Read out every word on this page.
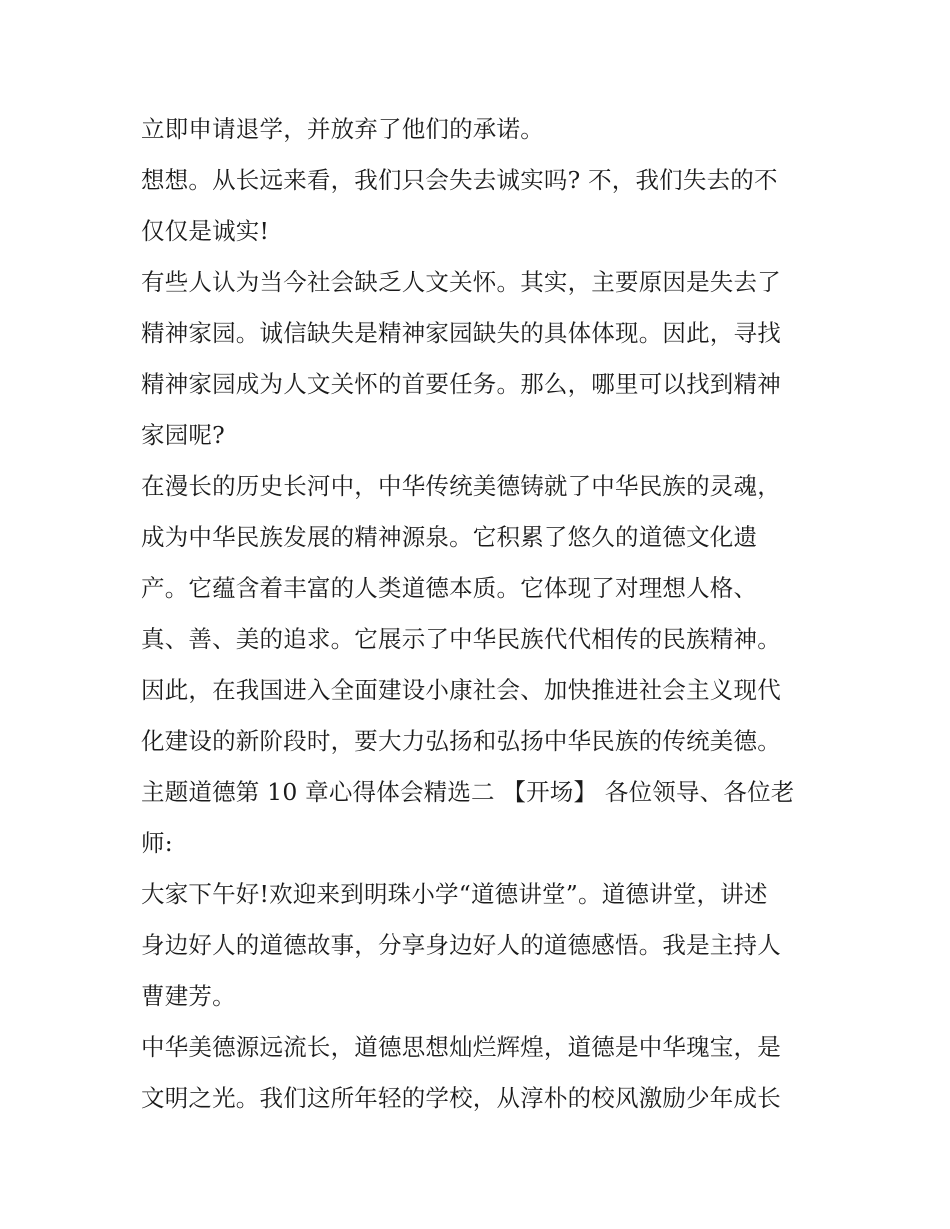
立即申请退学，并放弃了他们的承诺。
想想。从长远来看，我们只会失去诚实吗? 不，我们失去的不
仅仅是诚实!
有些人认为当今社会缺乏人文关怀。其实，主要原因是失去了
精神家园。诚信缺失是精神家园缺失的具体体现。因此，寻找
精神家园成为人文关怀的首要任务。那么，哪里可以找到精神
家园呢?
在漫长的历史长河中，中华传统美德铸就了中华民族的灵魂，
成为中华民族发展的精神源泉。它积累了悠久的道德文化遗
产。它蕴含着丰富的人类道德本质。它体现了对理想人格、
真、善、美的追求。它展示了中华民族代代相传的民族精神。
因此，在我国进入全面建设小康社会、加快推进社会主义现代
化建设的新阶段时，要大力弘扬和弘扬中华民族的传统美德。
主题道德第 10 章心得体会精选二 【开场】 各位领导、各位老
师:
大家下午好!欢迎来到明珠小学“道德讲堂”。道德讲堂，讲述
身边好人的道德故事，分享身边好人的道德感悟。我是主持人
曹建芳。
中华美德源远流长，道德思想灿烂辉煌，道德是中华瑰宝，是
文明之光。我们这所年轻的学校，从淳朴的校风激励少年成长
